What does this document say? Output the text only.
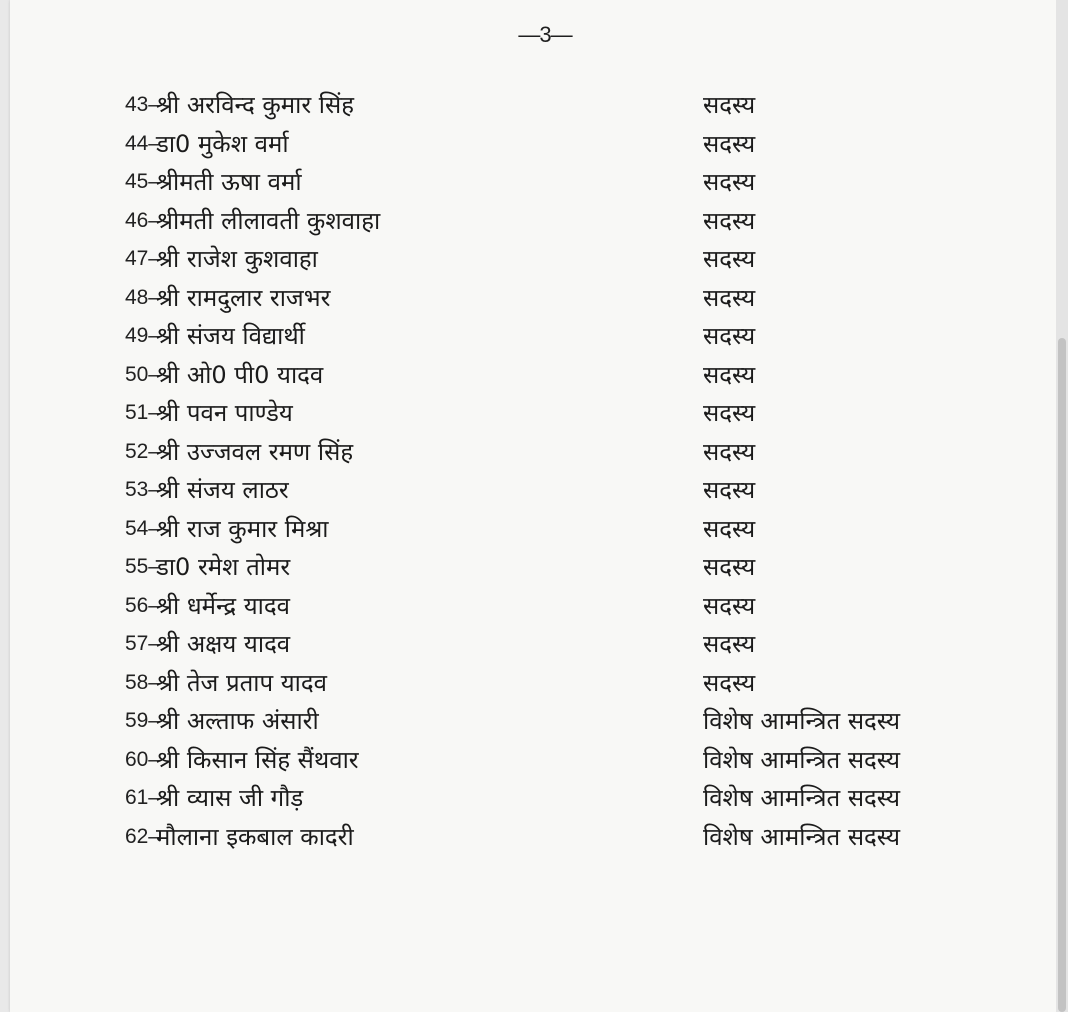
—3—
43–
श्री अरविन्द कुमार सिंह	सदस्य
44–
डा0 मुकेश वर्मा	सदस्य
45–
श्रीमती ऊषा वर्मा	सदस्य
46–
श्रीमती लीलावती कुशवाहा	सदस्य
47–
श्री राजेश कुशवाहा	सदस्य
48–
श्री रामदुलार राजभर	सदस्य
49–
श्री संजय विद्यार्थी	सदस्य
50–
श्री ओ0 पी0 यादव	सदस्य
51–
श्री पवन पाण्डेय	सदस्य
52–
श्री उज्जवल रमण सिंह	सदस्य
53–
श्री संजय लाठर	सदस्य
54–
श्री राज कुमार मिश्रा	सदस्य
55–
डा0 रमेश तोमर	सदस्य
56–
श्री धर्मेन्द्र यादव	सदस्य
57–
श्री अक्षय यादव	सदस्य
58–
श्री तेज प्रताप यादव	सदस्य
59–
श्री अल्ताफ अंसारी	विशेष आमन्त्रित सदस्य
60–
श्री किसान सिंह सैंथवार	विशेष आमन्त्रित सदस्य
61–
श्री व्यास जी गौड़	विशेष आमन्त्रित सदस्य
62–
मौलाना इकबाल कादरी	विशेष आमन्त्रित सदस्य
